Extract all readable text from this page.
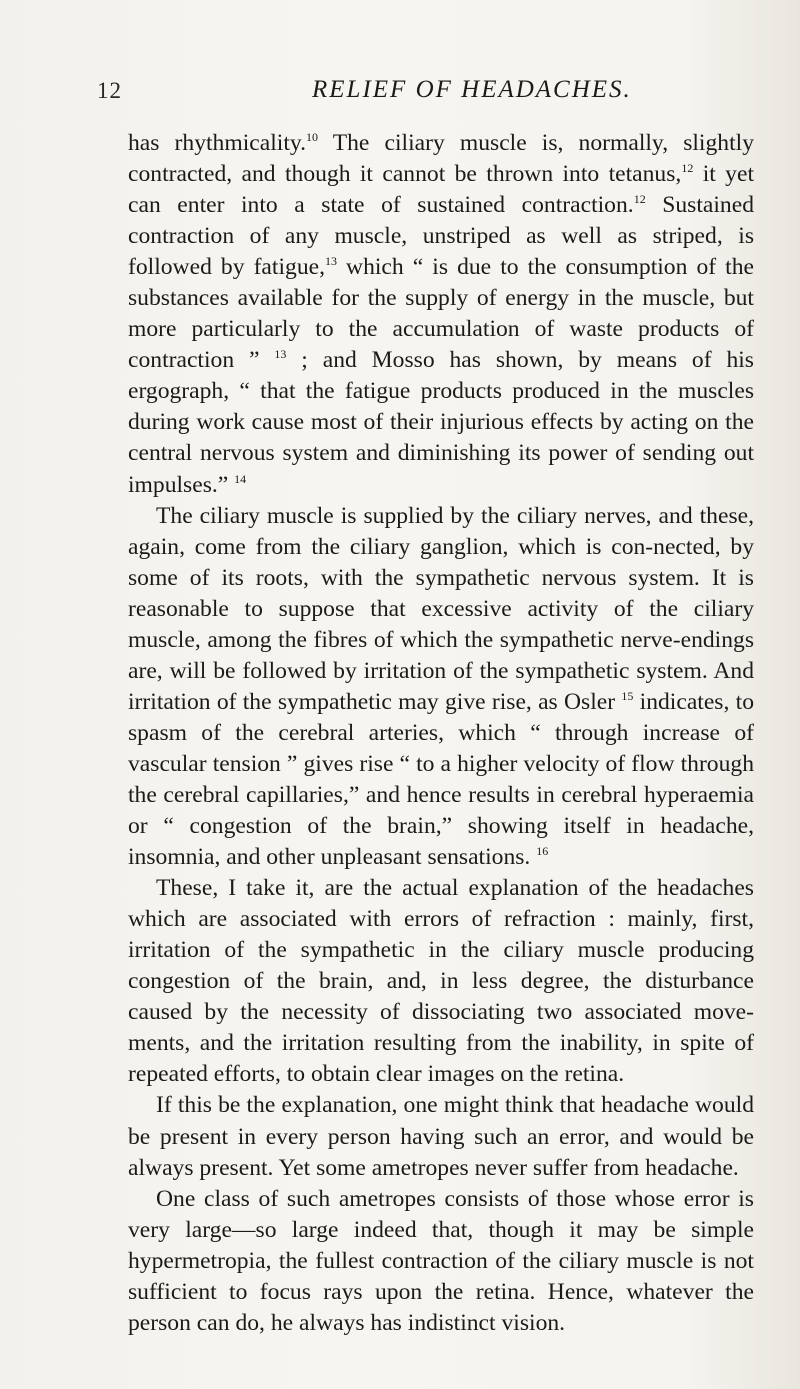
12	RELIEF OF HEADACHES.

has rhythmicality.$^{10}$ The ciliary muscle is, normally, slightly contracted, and though it cannot be thrown into tetanus,$^{12}$ it yet can enter into a state of sustained contraction.$^{12}$ Sustained contraction of any muscle, unstriped as well as striped, is followed by fatigue,$^{13}$ which “ is due to the consumption of the substances available for the supply of energy in the muscle, but more particularly to the accumulation of waste products of contraction ” $^{13}$ ; and Mosso has shown, by means of his ergograph, “ that the fatigue products produced in the muscles during work cause most of their injurious effects by acting on the central nervous system and diminishing its power of sending out impulses.” $^{14}$

The ciliary muscle is supplied by the ciliary nerves, and these, again, come from the ciliary ganglion, which is con-nected, by some of its roots, with the sympathetic nervous system. It is reasonable to suppose that excessive activity of the ciliary muscle, among the fibres of which the sympathetic nerve-endings are, will be followed by irritation of the sympathetic system. And irritation of the sympathetic may give rise, as Osler $^{15}$ indicates, to spasm of the cerebral arteries, which “ through increase of vascular tension ” gives rise “ to a higher velocity of flow through the cerebral capillaries,” and hence results in cerebral hyperaemia or “ congestion of the brain,” showing itself in headache, insomnia, and other unpleasant sensations. $^{16}$

These, I take it, are the actual explanation of the headaches which are associated with errors of refraction : mainly, first, irritation of the sympathetic in the ciliary muscle producing congestion of the brain, and, in less degree, the disturbance caused by the necessity of dissociating two associated move-ments, and the irritation resulting from the inability, in spite of repeated efforts, to obtain clear images on the retina.

If this be the explanation, one might think that headache would be present in every person having such an error, and would be always present. Yet some ametropes never suffer from headache.

One class of such ametropes consists of those whose error is very large—so large indeed that, though it may be simple hypermetropia, the fullest contraction of the ciliary muscle is not sufficient to focus rays upon the retina. Hence, whatever the person can do, he always has indistinct vision.
